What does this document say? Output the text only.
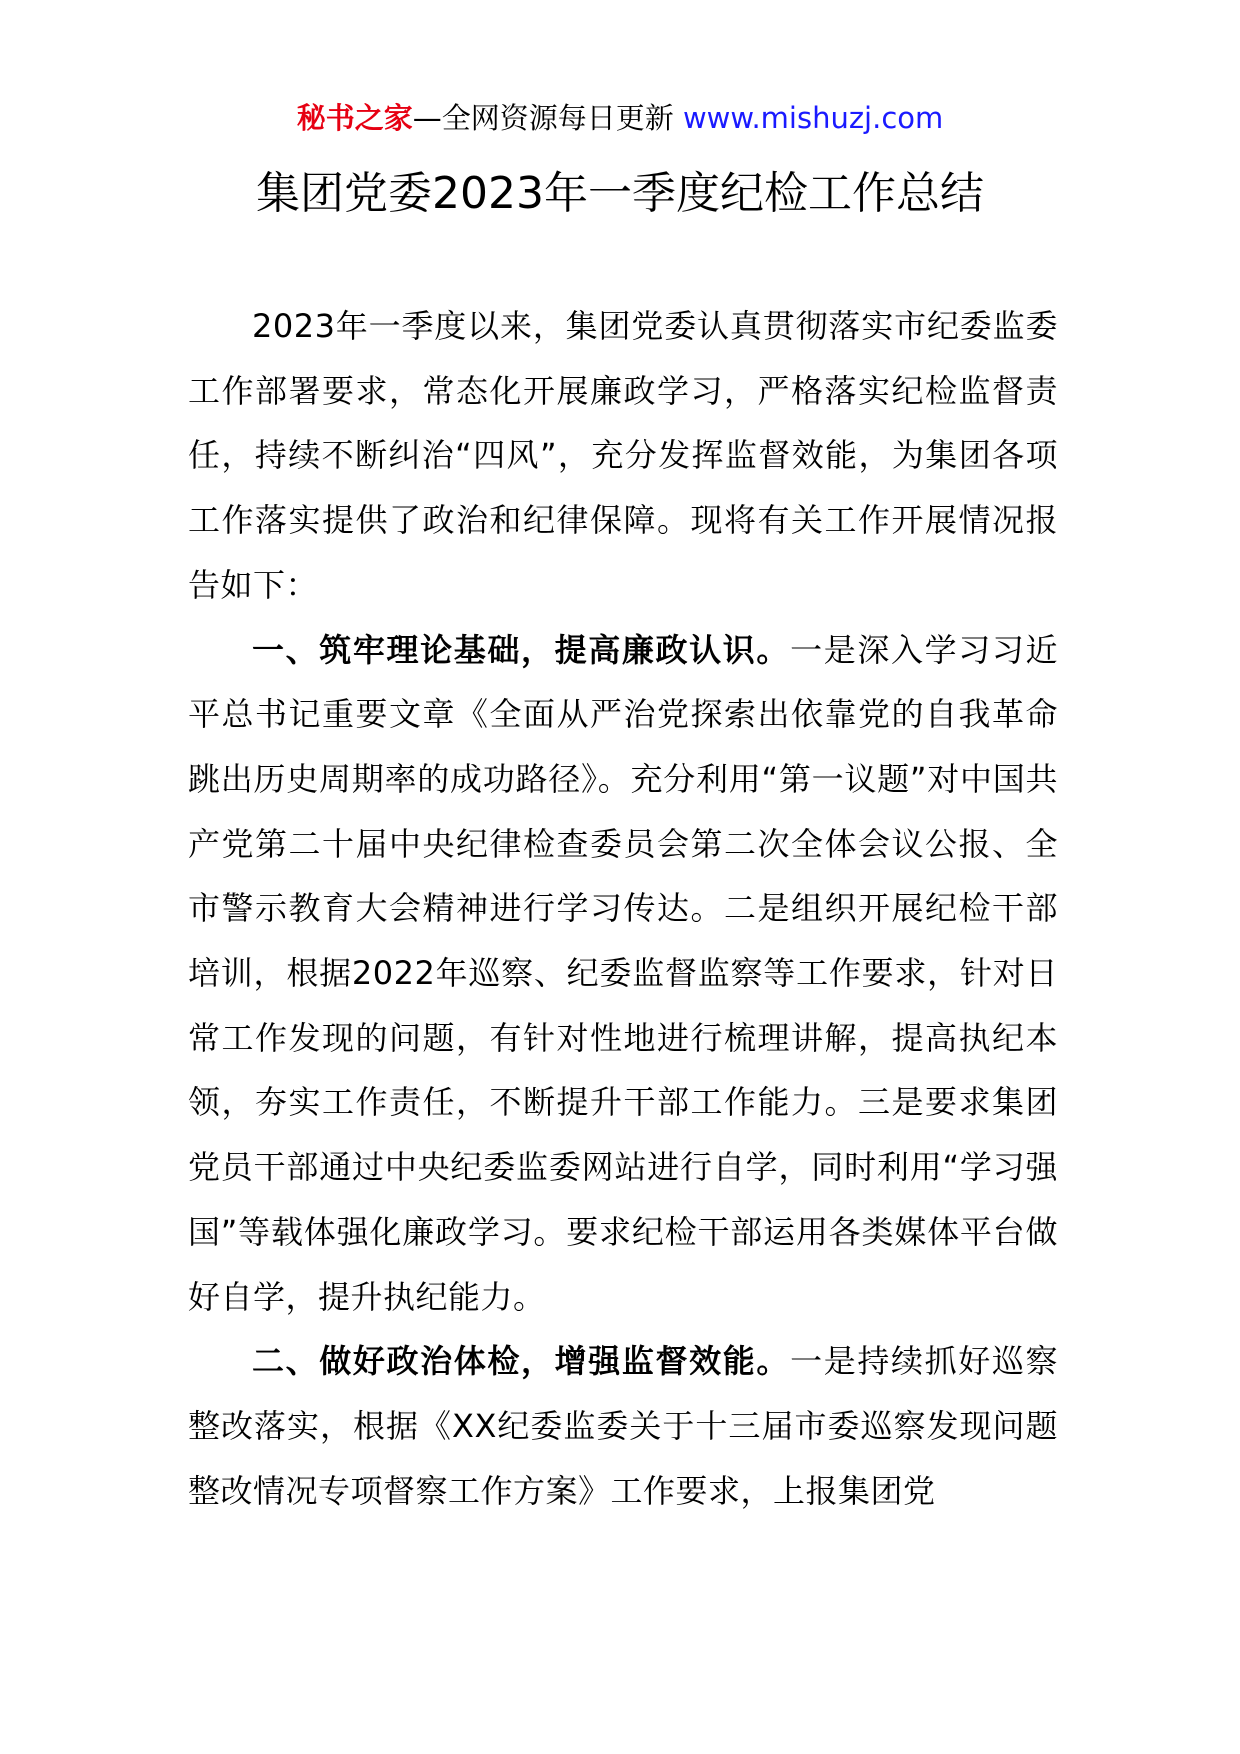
秘书之家—全网资源每日更新 www.mishuzj.com
集团党委2023年一季度纪检工作总结

2023年一季度以来，集团党委认真贯彻落实市纪委监委工作部署要求，常态化开展廉政学习，严格落实纪检监督责任，持续不断纠治“四风”，充分发挥监督效能，为集团各项工作落实提供了政治和纪律保障。现将有关工作开展情况报告如下：

一、筑牢理论基础，提高廉政认识。一是深入学习习近平总书记重要文章《全面从严治党探索出依靠党的自我革命跳出历史周期率的成功路径》。充分利用“第一议题”对中国共产党第二十届中央纪律检查委员会第二次全体会议公报、全市警示教育大会精神进行学习传达。二是组织开展纪检干部培训，根据2022年巡察、纪委监督监察等工作要求，针对日常工作发现的问题，有针对性地进行梳理讲解，提高执纪本领，夯实工作责任，不断提升干部工作能力。三是要求集团党员干部通过中央纪委监委网站进行自学，同时利用“学习强国”等载体强化廉政学习。要求纪检干部运用各类媒体平台做好自学，提升执纪能力。

二、做好政治体检，增强监督效能。一是持续抓好巡察整改落实，根据《XX纪委监委关于十三届市委巡察发现问题整改情况专项督察工作方案》工作要求，上报集团党
